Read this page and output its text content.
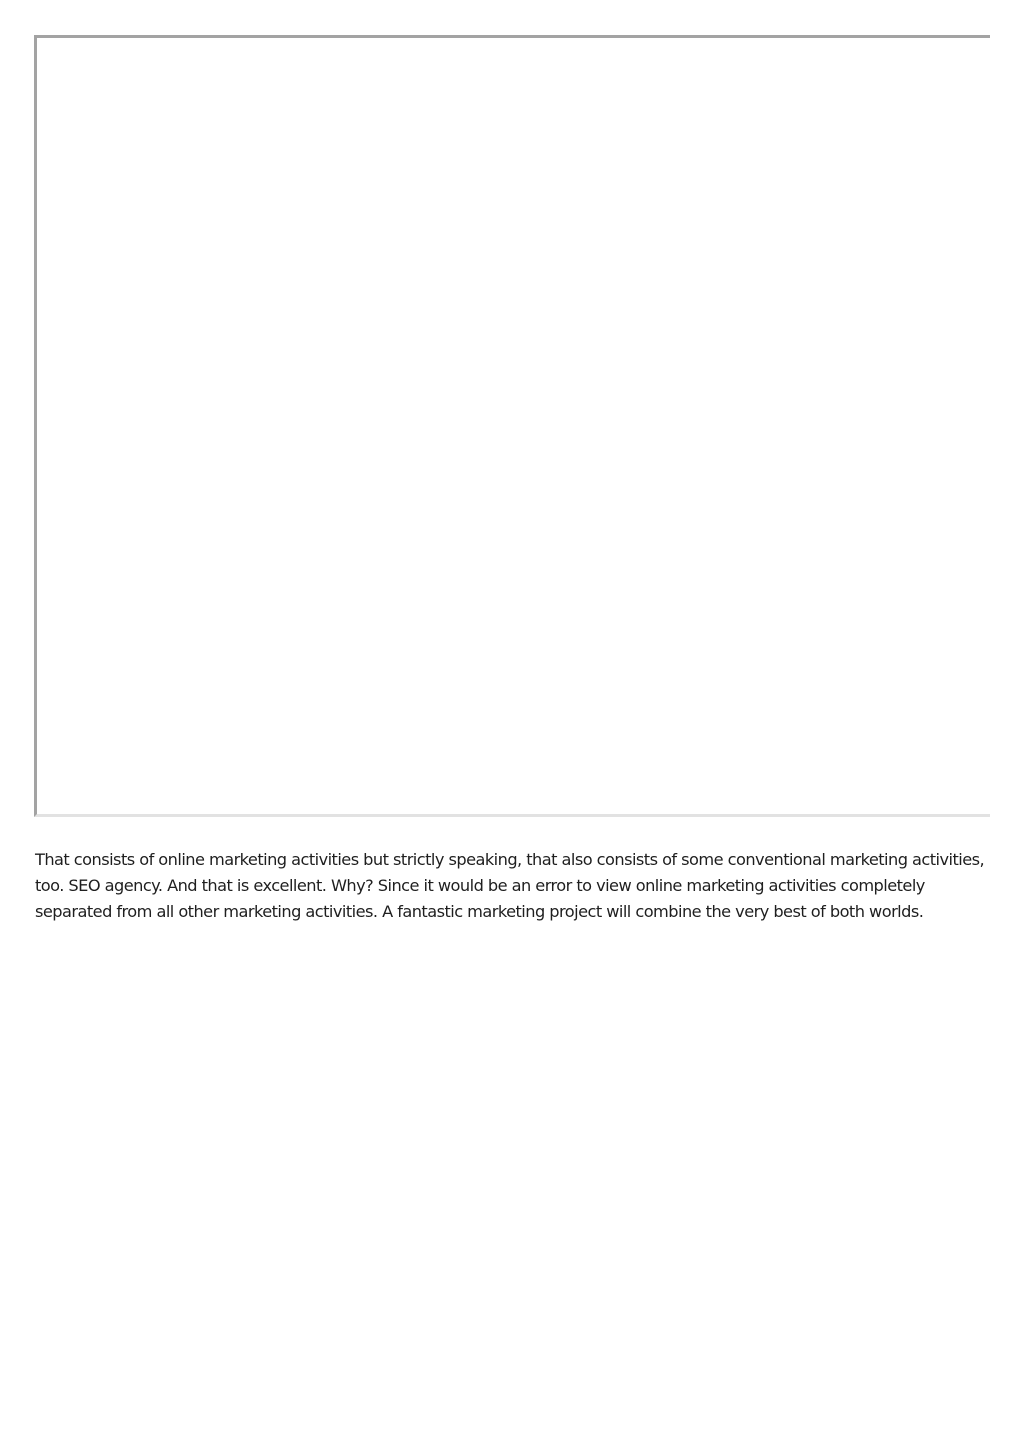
That consists of online marketing activities but strictly speaking, that also consists of some conventional marketing activities, too. SEO agency. And that is excellent. Why? Since it would be an error to view online marketing activities completely separated from all other marketing activities. A fantastic marketing project will combine the very best of both worlds.
